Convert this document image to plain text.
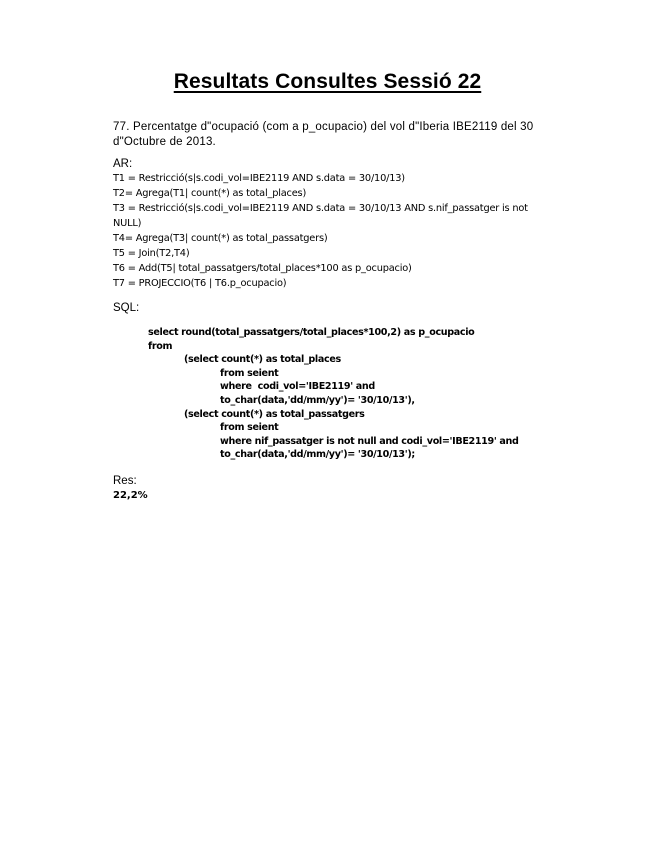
Resultats Consultes Sessió 22
77. Percentatge d"ocupació (com a p_ocupacio) del vol d"Iberia IBE2119 del 30 d"Octubre de 2013.
AR:
T1 = Restricció(s|s.codi_vol=IBE2119 AND s.data = 30/10/13)
T2= Agrega(T1| count(*) as total_places)
T3 = Restricció(s|s.codi_vol=IBE2119 AND s.data = 30/10/13 AND s.nif_passatger is not NULL)
T4= Agrega(T3| count(*) as total_passatgers)
T5 = Join(T2,T4)
T6 = Add(T5| total_passatgers/total_places*100 as p_ocupacio)
T7 = PROJECCIO(T6 | T6.p_ocupacio)
SQL:
select round(total_passatgers/total_places*100,2) as p_ocupacio
from
(select count(*) as total_places
from seient
where  codi_vol='IBE2119' and
to_char(data,'dd/mm/yy')= '30/10/13'),
(select count(*) as total_passatgers
from seient
where nif_passatger is not null and codi_vol='IBE2119' and
to_char(data,'dd/mm/yy')= '30/10/13');
Res:
22,2%
